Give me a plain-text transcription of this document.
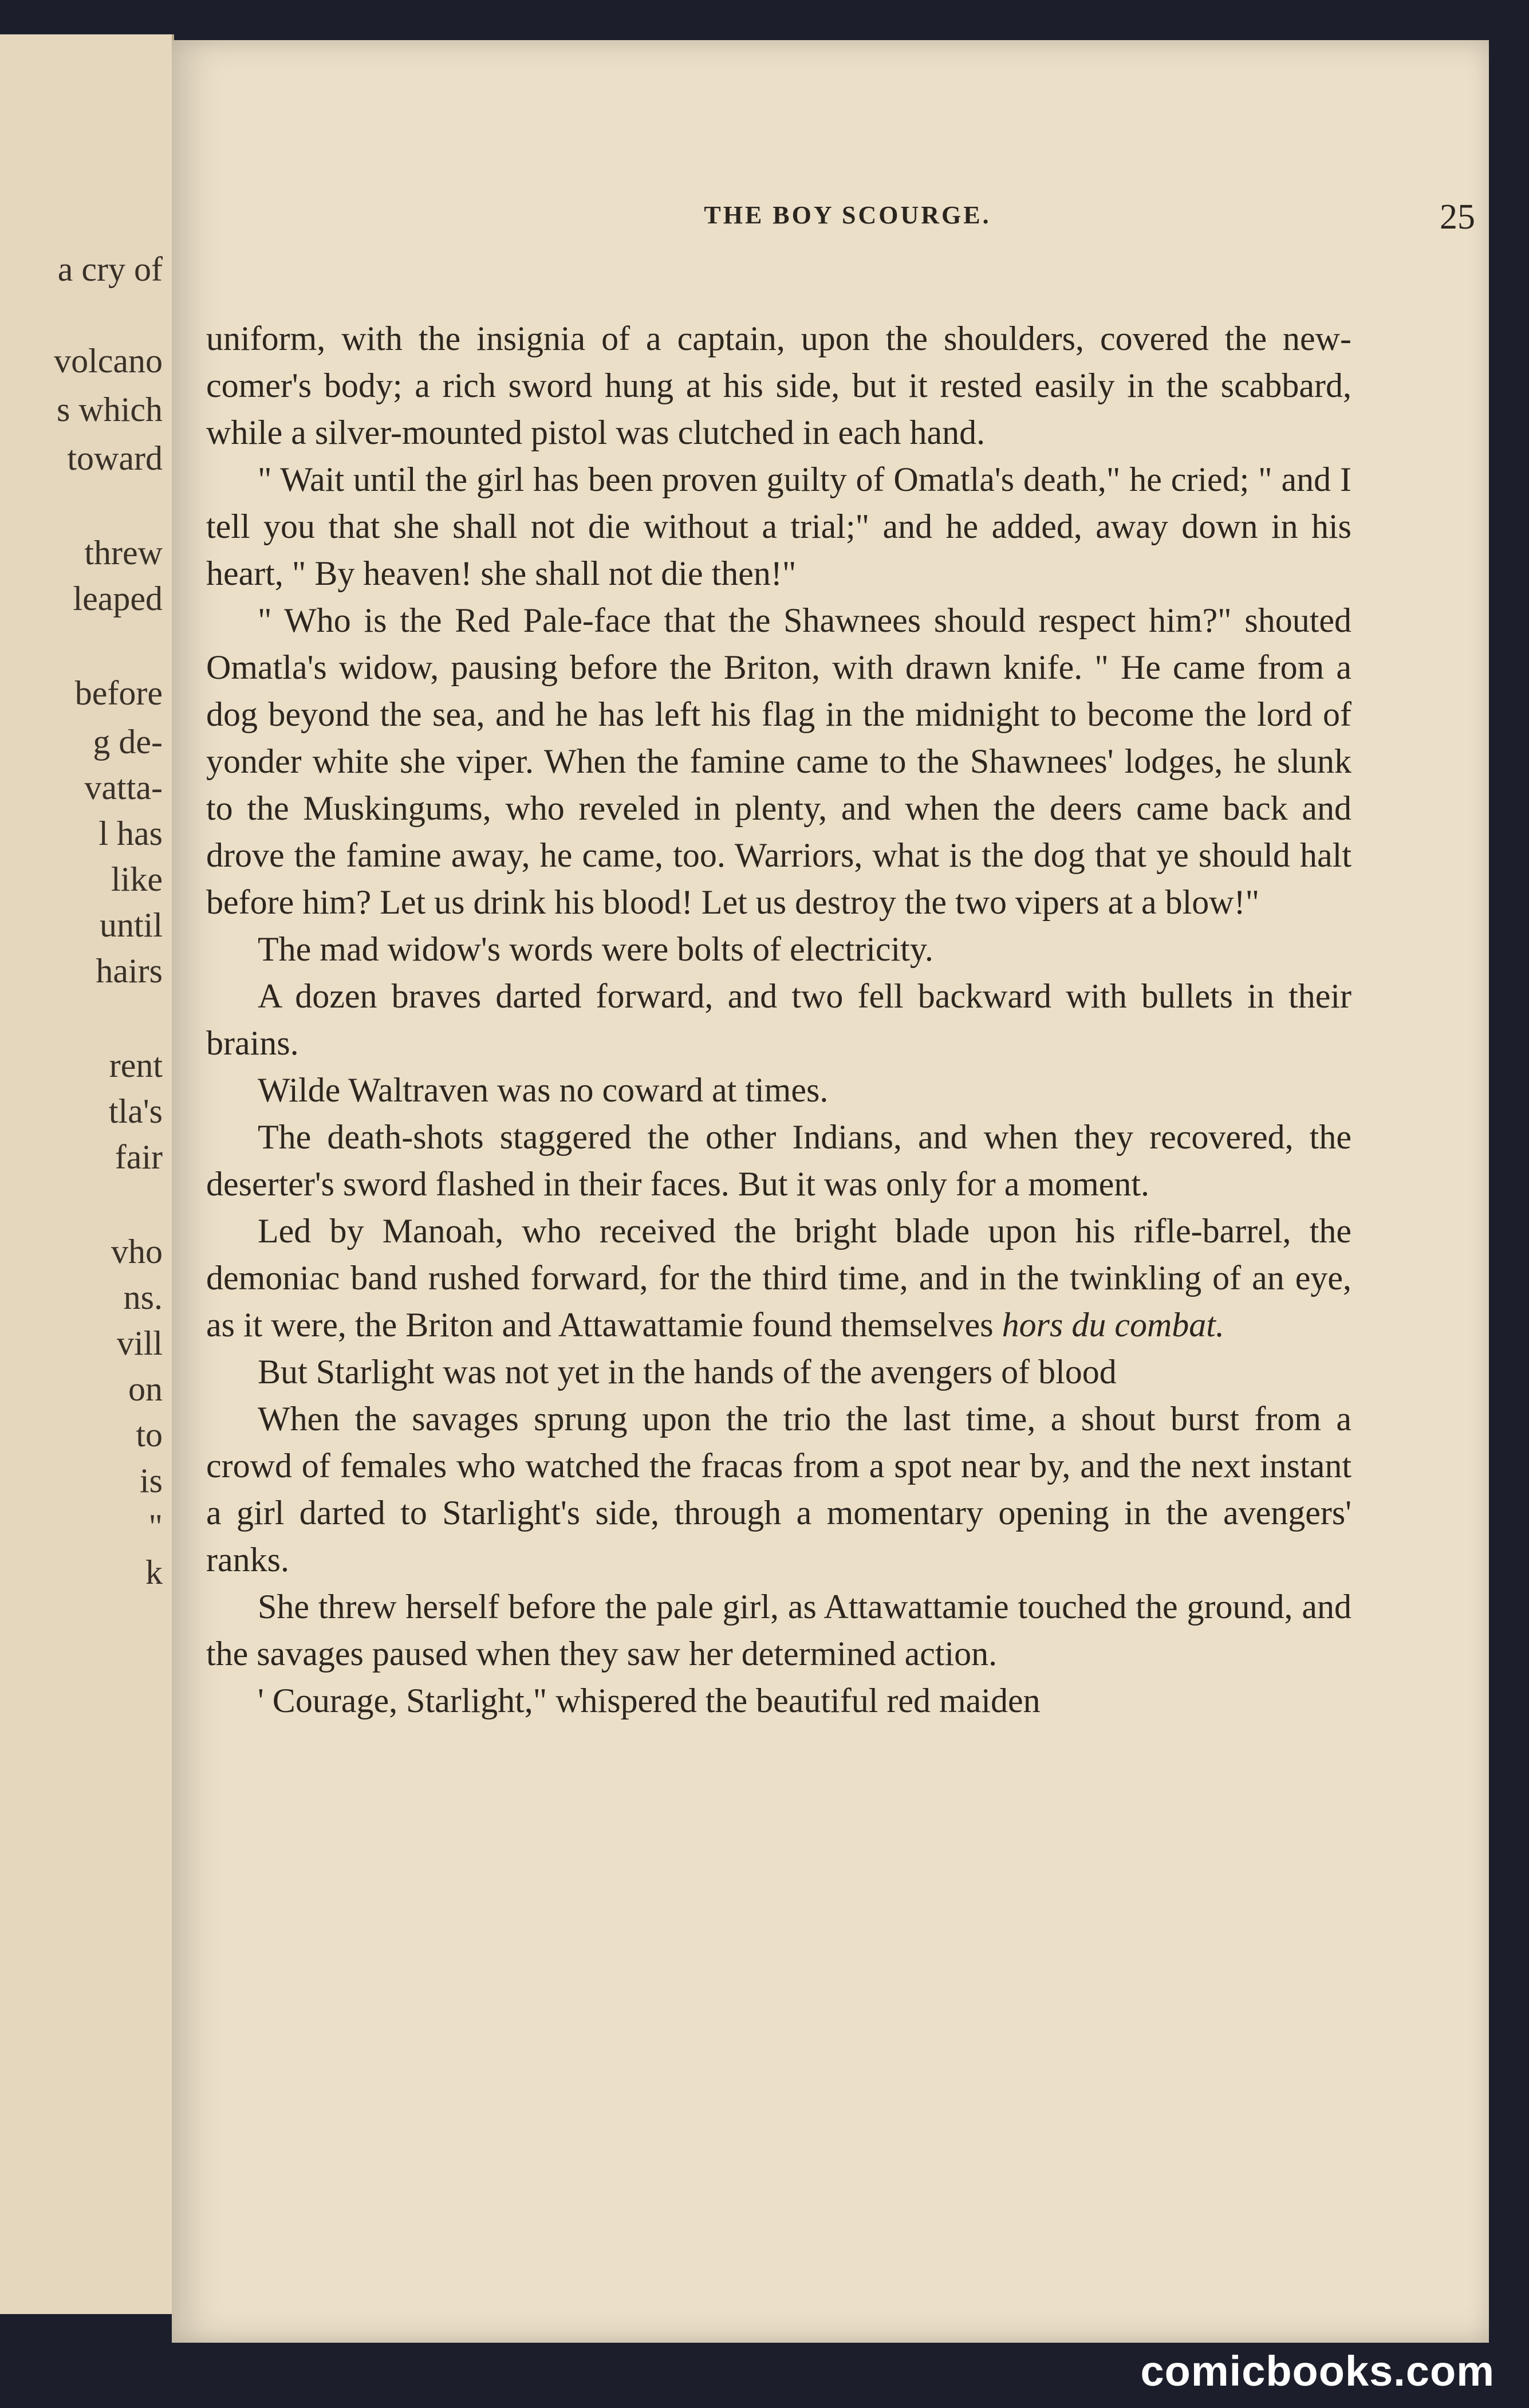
a cry of
volcano
s which
toward
threw
leaped
before
g de-
vatta-
l has
like
until
hairs
rent
tla's
fair
vho
ns.
vill
on
to
is
"
k
THE BOY SCOURGE.	25

uniform, with the insignia of a captain, upon the shoulders, covered the new-comer's body; a rich sword hung at his side, but it rested easily in the scabbard, while a silver-mounted pistol was clutched in each hand.

" Wait until the girl has been proven guilty of Omatla's death," he cried; " and I tell you that she shall not die without a trial;" and he added, away down in his heart, " By heaven! she shall not die then!"

" Who is the Red Pale-face that the Shawnees should respect him?" shouted Omatla's widow, pausing before the Briton, with drawn knife. " He came from a dog beyond the sea, and he has left his flag in the midnight to become the lord of yonder white she viper. When the famine came to the Shawnees' lodges, he slunk to the Muskingums, who reveled in plenty, and when the deers came back and drove the famine away, he came, too. Warriors, what is the dog that ye should halt before him? Let us drink his blood! Let us destroy the two vipers at a blow!"

The mad widow's words were bolts of electricity.

A dozen braves darted forward, and two fell backward with bullets in their brains.

Wilde Waltraven was no coward at times.

The death-shots staggered the other Indians, and when they recovered, the deserter's sword flashed in their faces. But it was only for a moment.

Led by Manoah, who received the bright blade upon his rifle-barrel, the demoniac band rushed forward, for the third time, and in the twinkling of an eye, as it were, the Briton and Attawattamie found themselves hors du combat.

But Starlight was not yet in the hands of the avengers of blood

When the savages sprung upon the trio the last time, a shout burst from a crowd of females who watched the fracas from a spot near by, and the next instant a girl darted to Starlight's side, through a momentary opening in the avengers' ranks.

She threw herself before the pale girl, as Attawattamie touched the ground, and the savages paused when they saw her determined action.

' Courage, Starlight," whispered the beautiful red maiden

comicbooks.com
